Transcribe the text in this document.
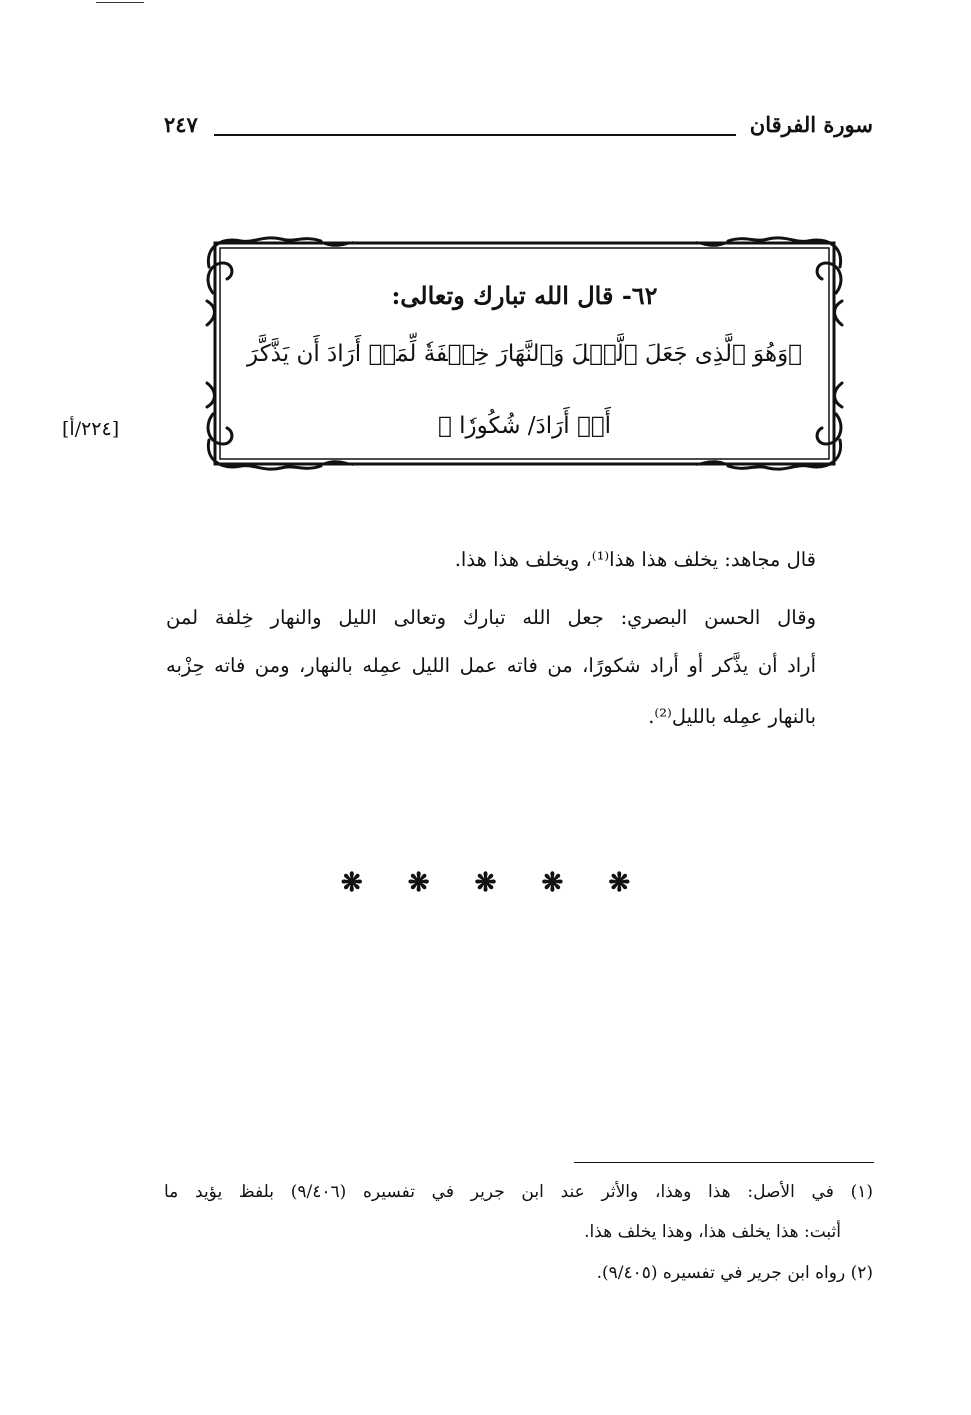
سورة الفرقان
٢٤٧
٦٢- قال الله تبارك وتعالى:
﴿وَهُوَ ٱلَّذِى جَعَلَ ٱلَّيۡلَ وَٱلنَّهَارَ خِلۡفَةٗ لِّمَنۡ أَرَادَ أَن يَذَّكَّرَ
أَوۡ أَرَادَ/ شُكُورٗا ﴾
[٢٢٤/أ]
قال مجاهد: يخلف هذا هذا⁽¹⁾، ويخلف هذا هذا.
وقال الحسن البصري: جعل الله تبارك وتعالى الليل والنهار خِلفة لمن
أراد أن يذَّكر أو أراد شكورًا، من فاته عمل الليل عمِله بالنهار، ومن فاته حِزْبه
بالنهار عمِله بالليل⁽²⁾.
❋ ❋ ❋ ❋ ❋
(١) في الأصل: هذا وهذا، والأثر عند ابن جرير في تفسيره (٩/٤٠٦) بلفظ يؤيد ما
أثبت: هذا يخلف هذا، وهذا يخلف هذا.
(٢) رواه ابن جرير في تفسيره (٩/٤٠٥).
